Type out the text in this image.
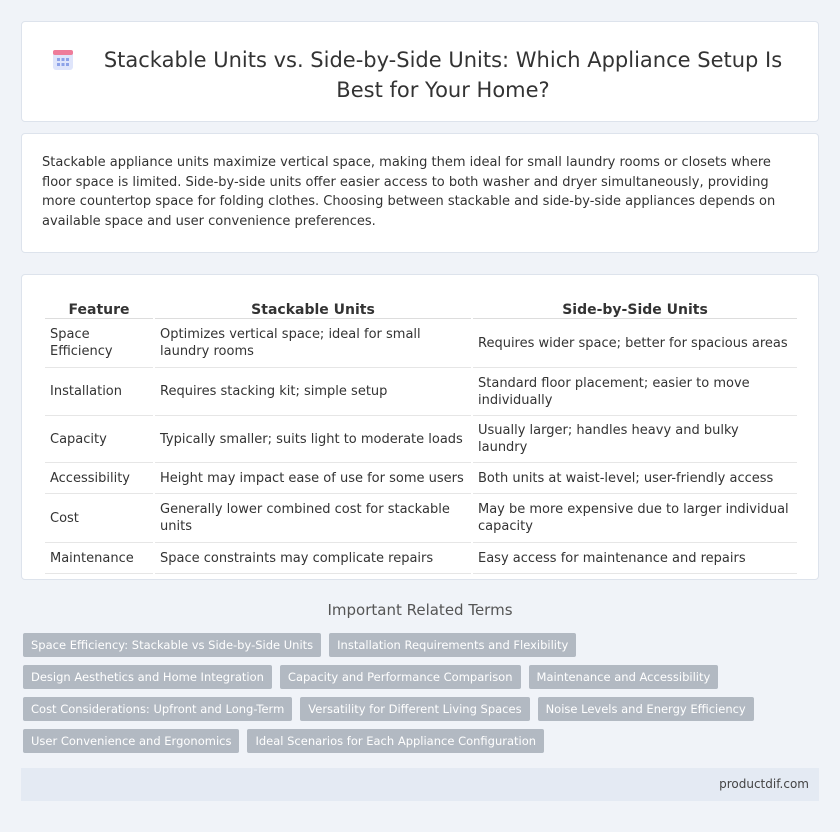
Stackable Units vs. Side-by-Side Units: Which Appliance Setup Is Best for Your Home?

Stackable appliance units maximize vertical space, making them ideal for small laundry rooms or closets where floor space is limited. Side-by-side units offer easier access to both washer and dryer simultaneously, providing more countertop space for folding clothes. Choosing between stackable and side-by-side appliances depends on available space and user convenience preferences.

Feature	Stackable Units	Side-by-Side Units
Space Efficiency	Optimizes vertical space; ideal for small laundry rooms	Requires wider space; better for spacious areas
Installation	Requires stacking kit; simple setup	Standard floor placement; easier to move individually
Capacity	Typically smaller; suits light to moderate loads	Usually larger; handles heavy and bulky laundry
Accessibility	Height may impact ease of use for some users	Both units at waist-level; user-friendly access
Cost	Generally lower combined cost for stackable units	May be more expensive due to larger individual capacity
Maintenance	Space constraints may complicate repairs	Easy access for maintenance and repairs
Important Related Terms
Space Efficiency: Stackable vs Side-by-Side Units	Installation Requirements and Flexibility
Design Aesthetics and Home Integration	Capacity and Performance Comparison	Maintenance and Accessibility
Cost Considerations: Upfront and Long-Term	Versatility for Different Living Spaces	Noise Levels and Energy Efficiency
User Convenience and Ergonomics	Ideal Scenarios for Each Appliance Configuration
productdif.com
